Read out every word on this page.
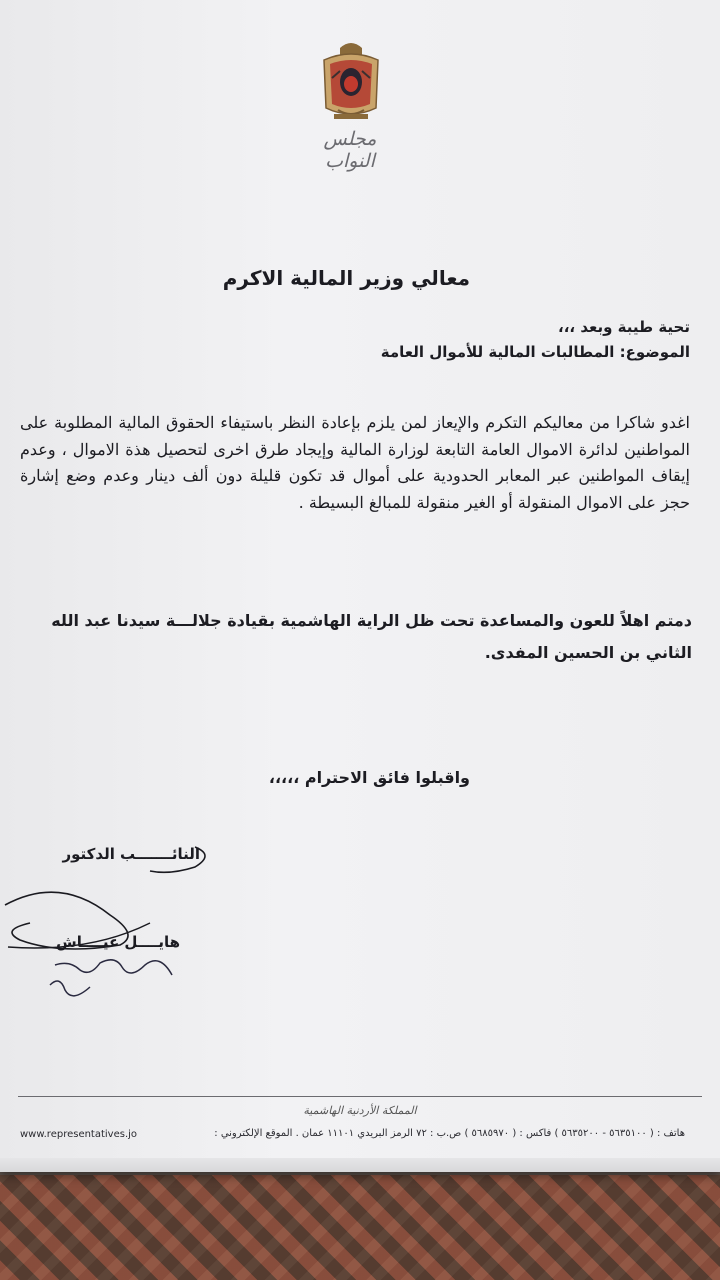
مجلس النواب
معالي وزير المالية الاكرم
تحية طيبة وبعد ،،،
الموضوع: المطالبات المالية للأموال العامة
اغدو شاكرا من معاليكم التكرم والإيعاز لمن يلزم بإعادة النظر باستيفاء الحقوق المالية المطلوبة على المواطنين لدائرة الاموال العامة التابعة لوزارة المالية وإيجاد طرق اخرى لتحصيل هذة الاموال ، وعدم إيقاف المواطنين عبر المعابر الحدودية على أموال قد تكون قليلة دون ألف دينار وعدم وضع إشارة حجز على الاموال المنقولة أو الغير منقولة للمبالغ البسيطة .
دمتم اهلاً للعون والمساعدة تحت ظل الراية الهاشمية بقيادة جلالـــة سيدنا عبد الله الثاني بن الحسين المفدى.
واقبلوا فائق الاحترام ،،،،،
النائـــــــب الدكتور
هايــــل عيــــاش
المملكة الأردنية الهاشمية
هاتف : ( ٥٦٣٥١٠٠ - ٥٦٣٥٢٠٠ ) فاكس : ( ٥٦٨٥٩٧٠ ) ص.ب : ٧٢ الرمز البريدي ١١١٠١ عمان . الموقع الإلكتروني :
www.representatives.jo
